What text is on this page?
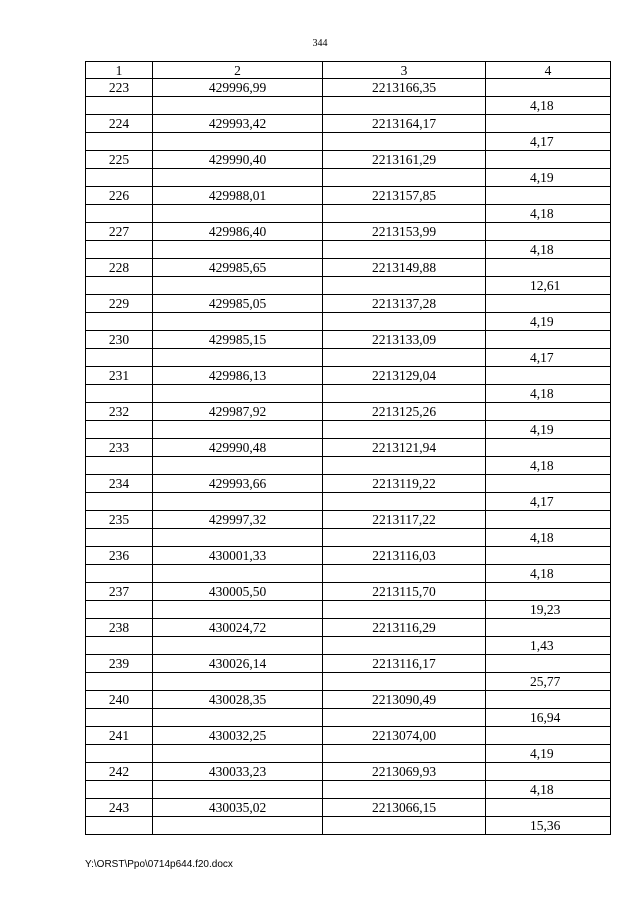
344
1	2	3	4
223	429996,99	2213166,35	
			4,18
224	429993,42	2213164,17	
			4,17
225	429990,40	2213161,29	
			4,19
226	429988,01	2213157,85	
			4,18
227	429986,40	2213153,99	
			4,18
228	429985,65	2213149,88	
			12,61
229	429985,05	2213137,28	
			4,19
230	429985,15	2213133,09	
			4,17
231	429986,13	2213129,04	
			4,18
232	429987,92	2213125,26	
			4,19
233	429990,48	2213121,94	
			4,18
234	429993,66	2213119,22	
			4,17
235	429997,32	2213117,22	
			4,18
236	430001,33	2213116,03	
			4,18
237	430005,50	2213115,70	
			19,23
238	430024,72	2213116,29	
			1,43
239	430026,14	2213116,17	
			25,77
240	430028,35	2213090,49	
			16,94
241	430032,25	2213074,00	
			4,19
242	430033,23	2213069,93	
			4,18
243	430035,02	2213066,15	
			15,36
Y:\ORST\Ppo\0714p644.f20.docx
